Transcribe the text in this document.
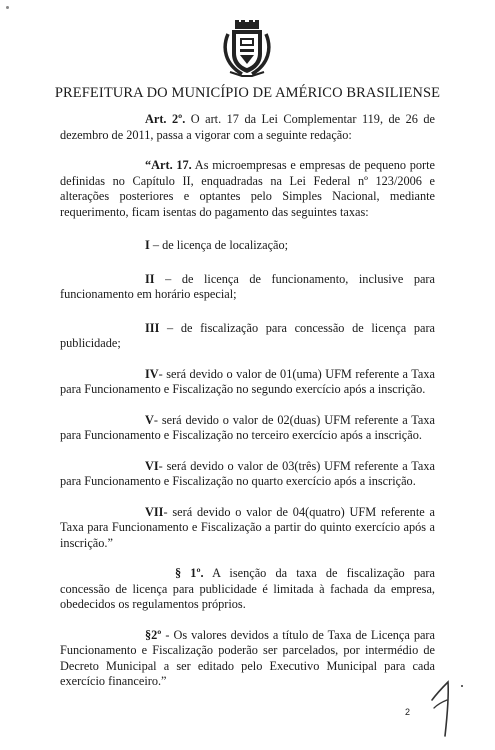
PREFEITURA DO MUNICÍPIO DE AMÉRICO BRASILIENSE

Art. 2º. O art. 17 da Lei Complementar 119, de 26 de dezembro de 2011, passa a vigorar com a seguinte redação:

“Art. 17. As microempresas e empresas de pequeno porte definidas no Capítulo II, enquadradas na Lei Federal nº 123/2006 e alterações posteriores e optantes pelo Simples Nacional, mediante requerimento, ficam isentas do pagamento das seguintes taxas:

I – de licença de localização;

II – de licença de funcionamento, inclusive para funcionamento em horário especial;

III – de fiscalização para concessão de licença para publicidade;

IV- será devido o valor de 01(uma) UFM referente a Taxa para Funcionamento e Fiscalização no segundo exercício após a inscrição.

V- será devido o valor de 02(duas) UFM referente a Taxa para Funcionamento e Fiscalização no terceiro exercício após a inscrição.

VI- será devido o valor de 03(três) UFM referente a Taxa para Funcionamento e Fiscalização no quarto exercício após a inscrição.

VII- será devido o valor de 04(quatro) UFM referente a Taxa para Funcionamento e Fiscalização a partir do quinto exercício após a inscrição.”

§ 1º. A isenção da taxa de fiscalização para concessão de licença para publicidade é limitada à fachada da empresa, obedecidos os regulamentos próprios.

§2º - Os valores devidos a título de Taxa de Licença para Funcionamento e Fiscalização poderão ser parcelados, por intermédio de Decreto Municipal a ser editado pelo Executivo Municipal para cada exercício financeiro.”

2
